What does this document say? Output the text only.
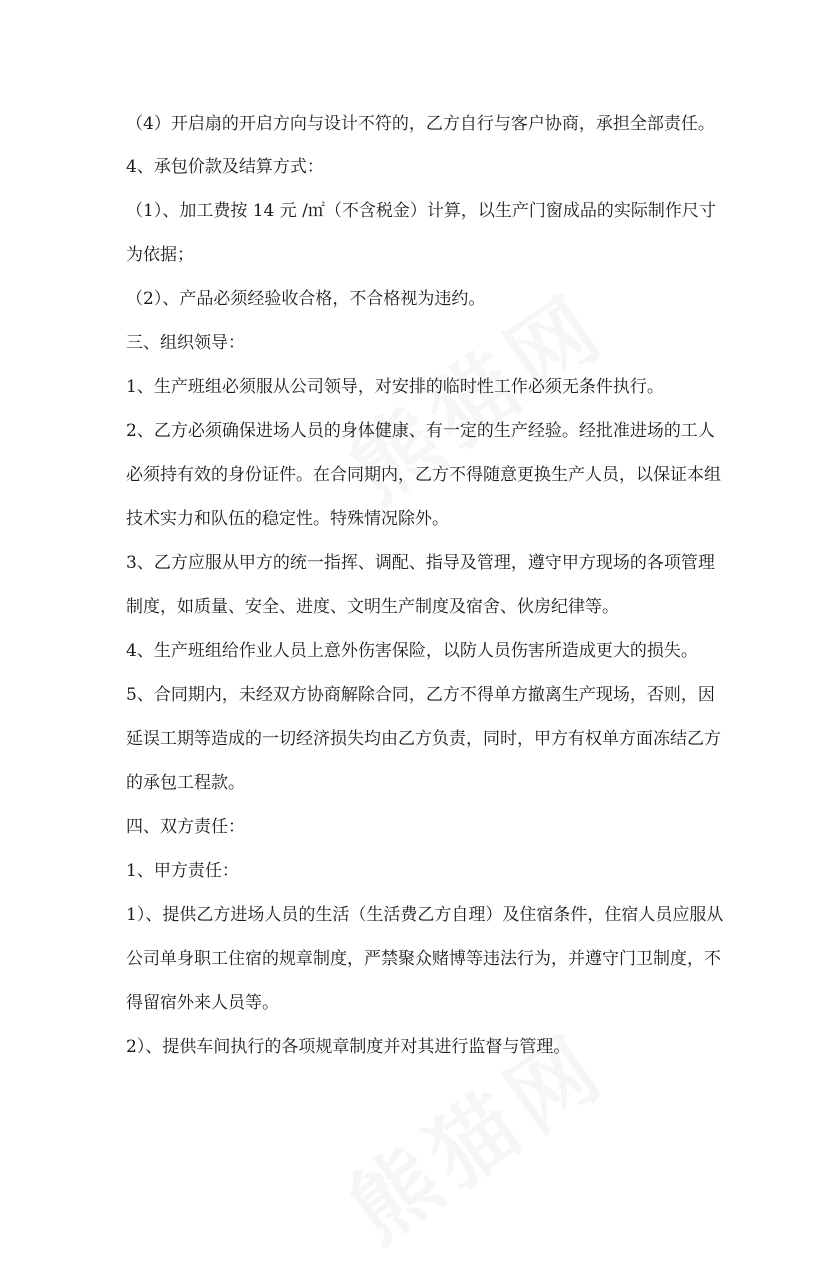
（4）开启扇的开启方向与设计不符的，乙方自行与客户协商，承担全部责任。

4、承包价款及结算方式：

（1）、加工费按 14 元 /㎡（不含税金）计算，以生产门窗成品的实际制作尺寸

为依据；

（2）、产品必须经验收合格，不合格视为违约。

三、组织领导：

1、生产班组必须服从公司领导，对安排的临时性工作必须无条件执行。

2、乙方必须确保进场人员的身体健康、有一定的生产经验。经批准进场的工人

必须持有效的身份证件。在合同期内，乙方不得随意更换生产人员，以保证本组

技术实力和队伍的稳定性。特殊情况除外。

3、乙方应服从甲方的统一指挥、调配、指导及管理，遵守甲方现场的各项管理

制度，如质量、安全、进度、文明生产制度及宿舍、伙房纪律等。

4、生产班组给作业人员上意外伤害保险，以防人员伤害所造成更大的损失。

5、合同期内，未经双方协商解除合同，乙方不得单方撤离生产现场，否则，因

延误工期等造成的一切经济损失均由乙方负责，同时，甲方有权单方面冻结乙方

的承包工程款。

四、双方责任：

1、甲方责任：

1）、提供乙方进场人员的生活（生活费乙方自理）及住宿条件，住宿人员应服从

公司单身职工住宿的规章制度，严禁聚众赌博等违法行为，并遵守门卫制度，不

得留宿外来人员等。

2）、提供车间执行的各项规章制度并对其进行监督与管理。
